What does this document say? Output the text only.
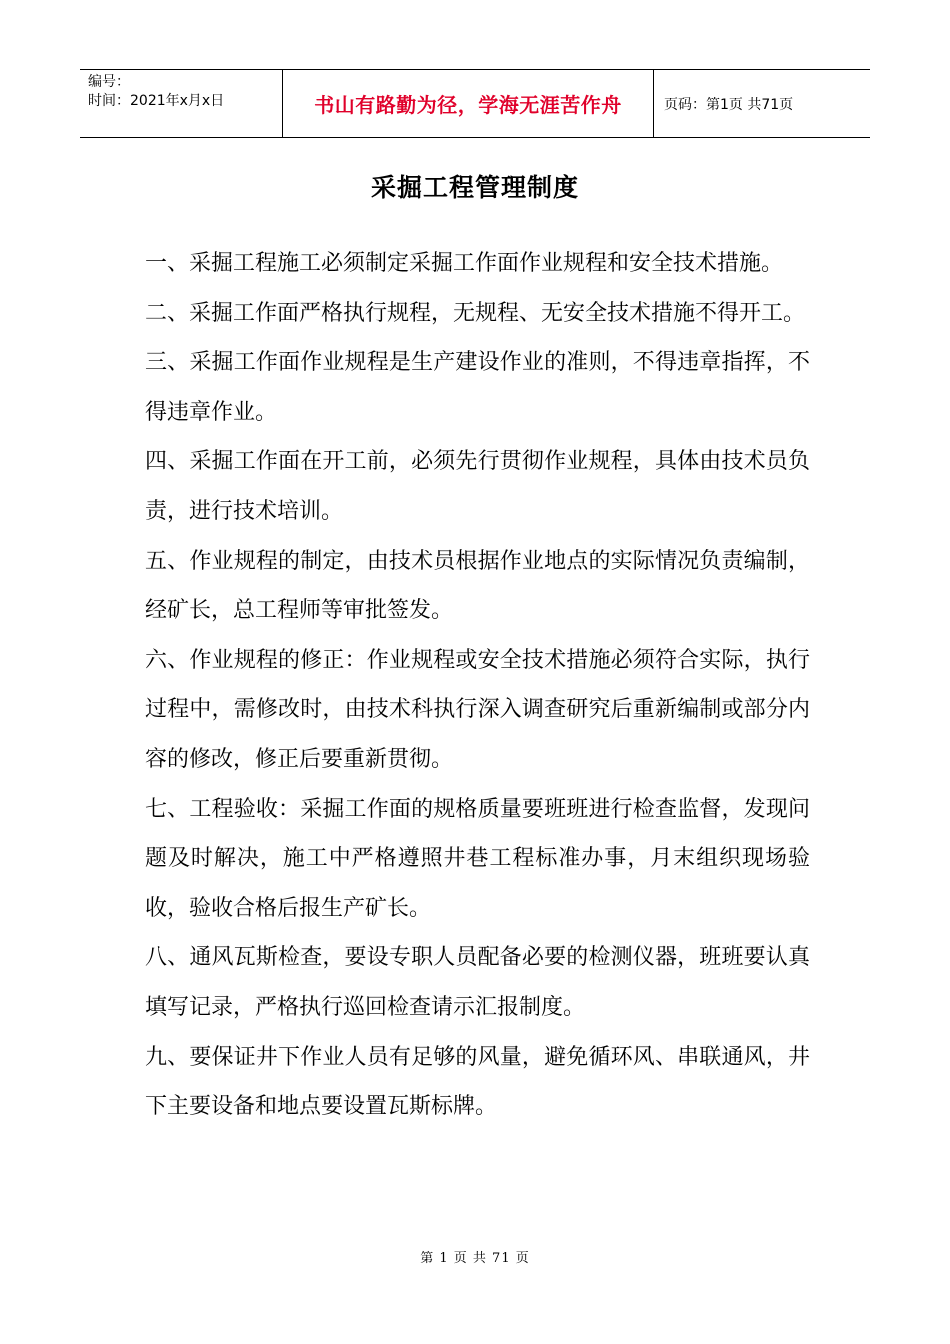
编号：
时间：2021年x月x日	书山有路勤为径，学海无涯苦作舟	页码：第1页 共71页
采掘工程管理制度

一、采掘工程施工必须制定采掘工作面作业规程和安全技术措施。

二、采掘工作面严格执行规程，无规程、无安全技术措施不得开工。

三、采掘工作面作业规程是生产建设作业的准则，不得违章指挥，不得违章作业。

四、采掘工作面在开工前，必须先行贯彻作业规程，具体由技术员负责，进行技术培训。

五、作业规程的制定，由技术员根据作业地点的实际情况负责编制，经矿长，总工程师等审批签发。

六、作业规程的修正：作业规程或安全技术措施必须符合实际，执行过程中，需修改时，由技术科执行深入调查研究后重新编制或部分内容的修改，修正后要重新贯彻。

七、工程验收：采掘工作面的规格质量要班班进行检查监督，发现问题及时解决，施工中严格遵照井巷工程标准办事，月末组织现场验收，验收合格后报生产矿长。

八、通风瓦斯检查，要设专职人员配备必要的检测仪器，班班要认真填写记录，严格执行巡回检查请示汇报制度。

九、要保证井下作业人员有足够的风量，避免循环风、串联通风，井下主要设备和地点要设置瓦斯标牌。

第 1 页 共 71 页
